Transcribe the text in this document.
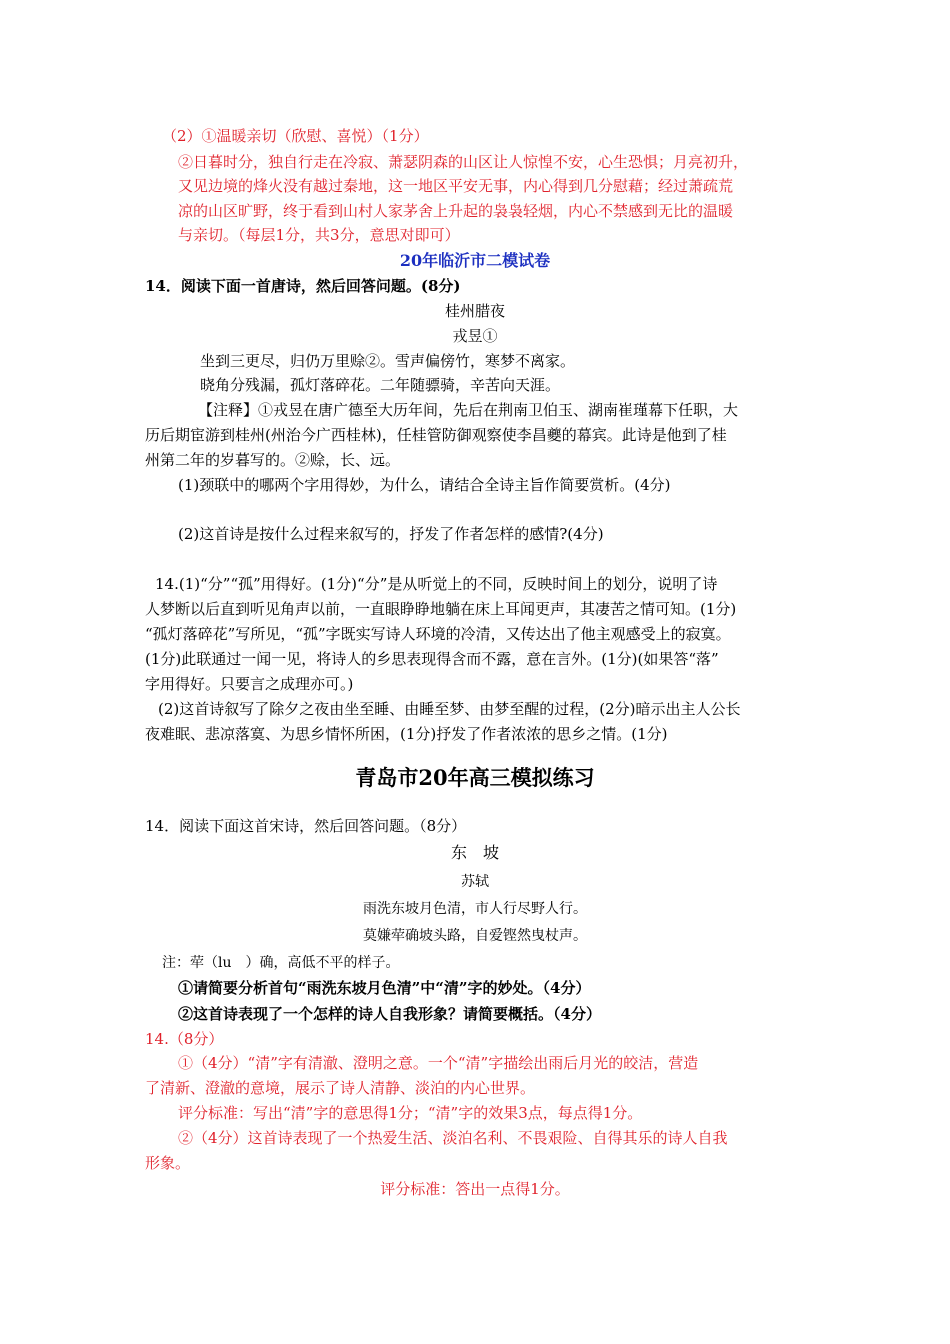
（2）①温暖亲切（欣慰、喜悦）（1分）
②日暮时分，独自行走在冷寂、萧瑟阴森的山区让人惊惶不安，心生恐惧；月亮初升，
又见边境的烽火没有越过秦地，这一地区平安无事，内心得到几分慰藉；经过萧疏荒
凉的山区旷野，终于看到山村人家茅舍上升起的袅袅轻烟，内心不禁感到无比的温暖
与亲切。（每层1分，共3分，意思对即可）
20年临沂市二模试卷
14．阅读下面一首唐诗，然后回答问题。(8分)
桂州腊夜
戎昱①
坐到三更尽，归仍万里赊②。雪声偏傍竹，寒梦不离家。
晓角分残漏，孤灯落碎花。二年随骠骑，辛苦向天涯。
【注释】①戎昱在唐广德至大历年间，先后在荆南卫伯玉、湖南崔瑾幕下任职，大
历后期宦游到桂州(州治今广西桂林)，任桂管防御观察使李昌夔的幕宾。此诗是他到了桂
州第二年的岁暮写的。②赊，长、远。
(1)颈联中的哪两个字用得妙，为什么，请结合全诗主旨作简要赏析。(4分)
(2)这首诗是按什么过程来叙写的，抒发了作者怎样的感情?(4分)
14.(1)“分”“孤”用得好。(1分)“分”是从听觉上的不同，反映时间上的划分，说明了诗
人梦断以后直到听见角声以前，一直眼睁睁地躺在床上耳闻更声，其凄苦之情可知。(1分)
“孤灯落碎花”写所见，“孤”字既实写诗人环境的冷清，又传达出了他主观感受上的寂寞。
(1分)此联通过一闻一见，将诗人的乡思表现得含而不露，意在言外。(1分)(如果答“落”
字用得好。只要言之成理亦可。)
(2)这首诗叙写了除夕之夜由坐至睡、由睡至梦、由梦至醒的过程，(2分)暗示出主人公长
夜难眠、悲凉落寞、为思乡情怀所困，(1分)抒发了作者浓浓的思乡之情。(1分)
青岛市20年高三模拟练习
14．阅读下面这首宋诗，然后回答问题。（8分）
东　坡
苏轼
雨洗东坡月色清，市人行尽野人行。
莫嫌荦确坡头路，自爱铿然曳杖声。
注：荦（lu　）确，高低不平的样子。
①请简要分析首句“雨洗东坡月色清”中“清”字的妙处。（4分）
②这首诗表现了一个怎样的诗人自我形象？请简要概括。（4分）
14.（8分）
①（4分）“清”字有清澈、澄明之意。一个“清”字描绘出雨后月光的皎洁，营造
了清新、澄澈的意境，展示了诗人清静、淡泊的内心世界。
评分标准：写出“清”字的意思得1分；“清”字的效果3点，每点得1分。
②（4分）这首诗表现了一个热爱生活、淡泊名利、不畏艰险、自得其乐的诗人自我
形象。
评分标准：答出一点得1分。
